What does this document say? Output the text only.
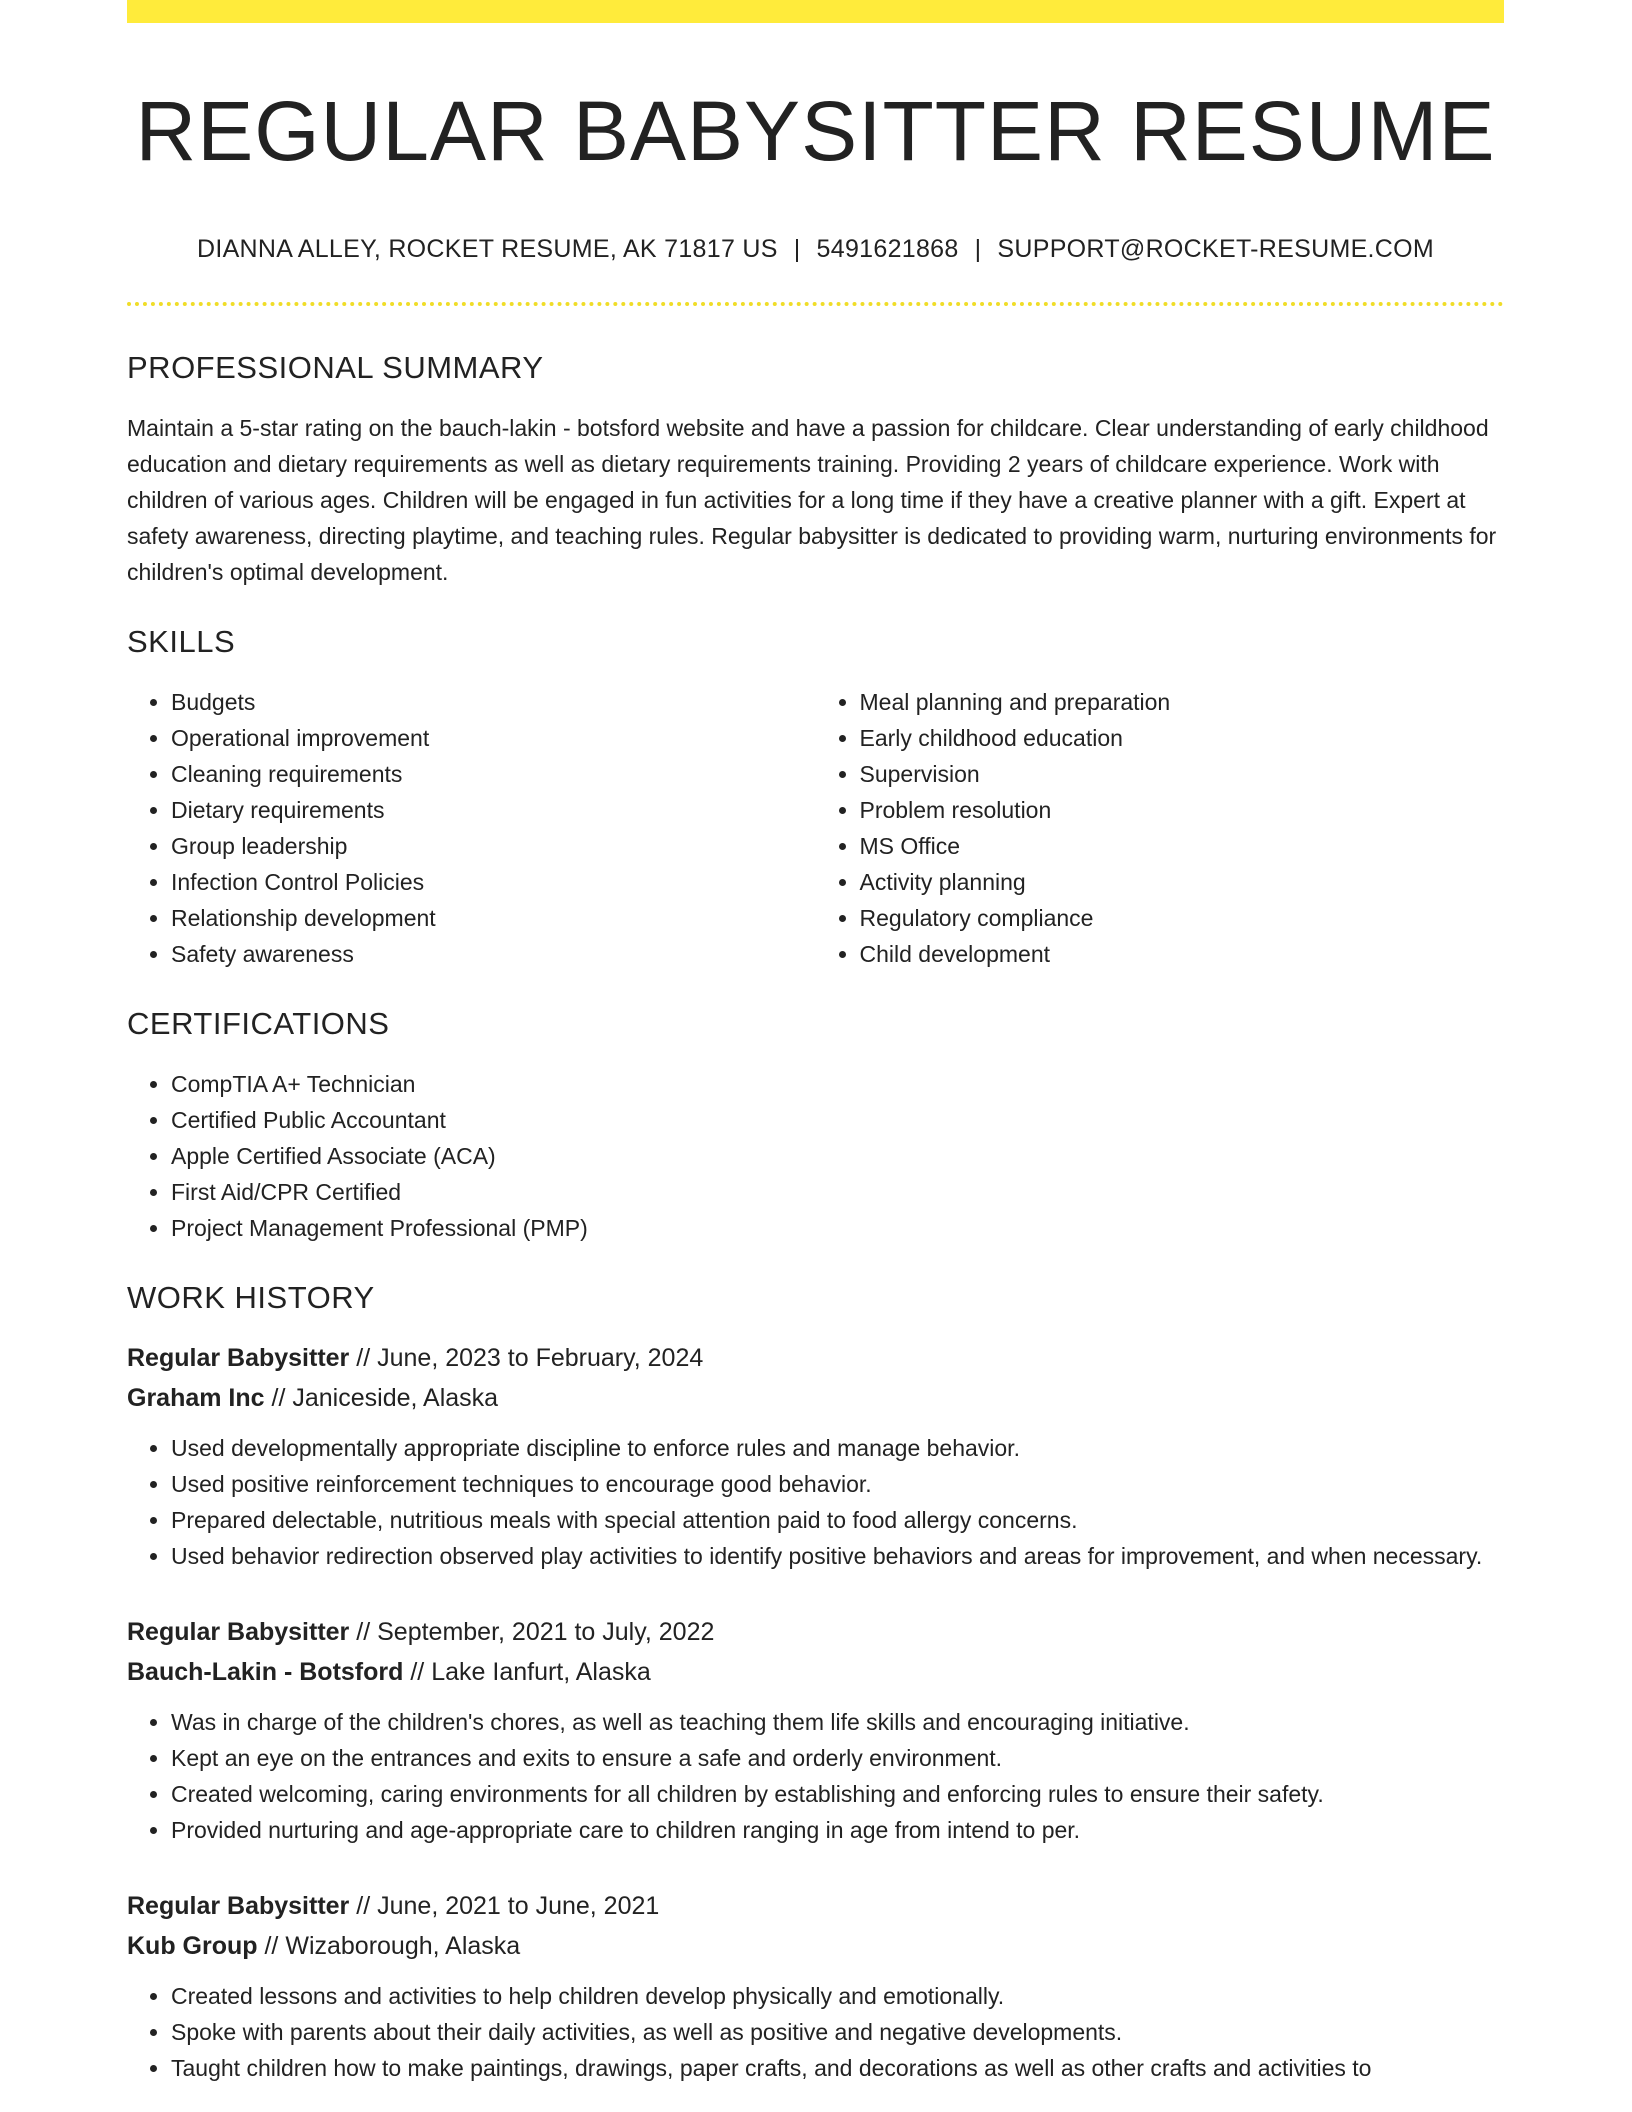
REGULAR BABYSITTER RESUME
DIANNA ALLEY, ROCKET RESUME, AK 71817 US | 5491621868 | SUPPORT@ROCKET-RESUME.COM
PROFESSIONAL SUMMARY

Maintain a 5-star rating on the bauch-lakin - botsford website and have a passion for childcare. Clear understanding of early childhood education and dietary requirements as well as dietary requirements training. Providing 2 years of childcare experience. Work with children of various ages. Children will be engaged in fun activities for a long time if they have a creative planner with a gift. Expert at safety awareness, directing playtime, and teaching rules. Regular babysitter is dedicated to providing warm, nurturing environments for children's optimal development.

SKILLS
• Budgets
• Operational improvement
• Cleaning requirements
• Dietary requirements
• Group leadership
• Infection Control Policies
• Relationship development
• Safety awareness
• Meal planning and preparation
• Early childhood education
• Supervision
• Problem resolution
• MS Office
• Activity planning
• Regulatory compliance
• Child development
CERTIFICATIONS
• CompTIA A+ Technician
• Certified Public Accountant
• Apple Certified Associate (ACA)
• First Aid/CPR Certified
• Project Management Professional (PMP)
WORK HISTORY
Regular Babysitter // June, 2023 to February, 2024
Graham Inc // Janiceside, Alaska
• Used developmentally appropriate discipline to enforce rules and manage behavior.
• Used positive reinforcement techniques to encourage good behavior.
• Prepared delectable, nutritious meals with special attention paid to food allergy concerns.
• Used behavior redirection observed play activities to identify positive behaviors and areas for improvement, and when necessary.
Regular Babysitter // September, 2021 to July, 2022
Bauch-Lakin - Botsford // Lake Ianfurt, Alaska
• Was in charge of the children's chores, as well as teaching them life skills and encouraging initiative.
• Kept an eye on the entrances and exits to ensure a safe and orderly environment.
• Created welcoming, caring environments for all children by establishing and enforcing rules to ensure their safety.
• Provided nurturing and age-appropriate care to children ranging in age from intend to per.
Regular Babysitter // June, 2021 to June, 2021
Kub Group // Wizaborough, Alaska
• Created lessons and activities to help children develop physically and emotionally.
• Spoke with parents about their daily activities, as well as positive and negative developments.
• Taught children how to make paintings, drawings, paper crafts, and decorations as well as other crafts and activities to
